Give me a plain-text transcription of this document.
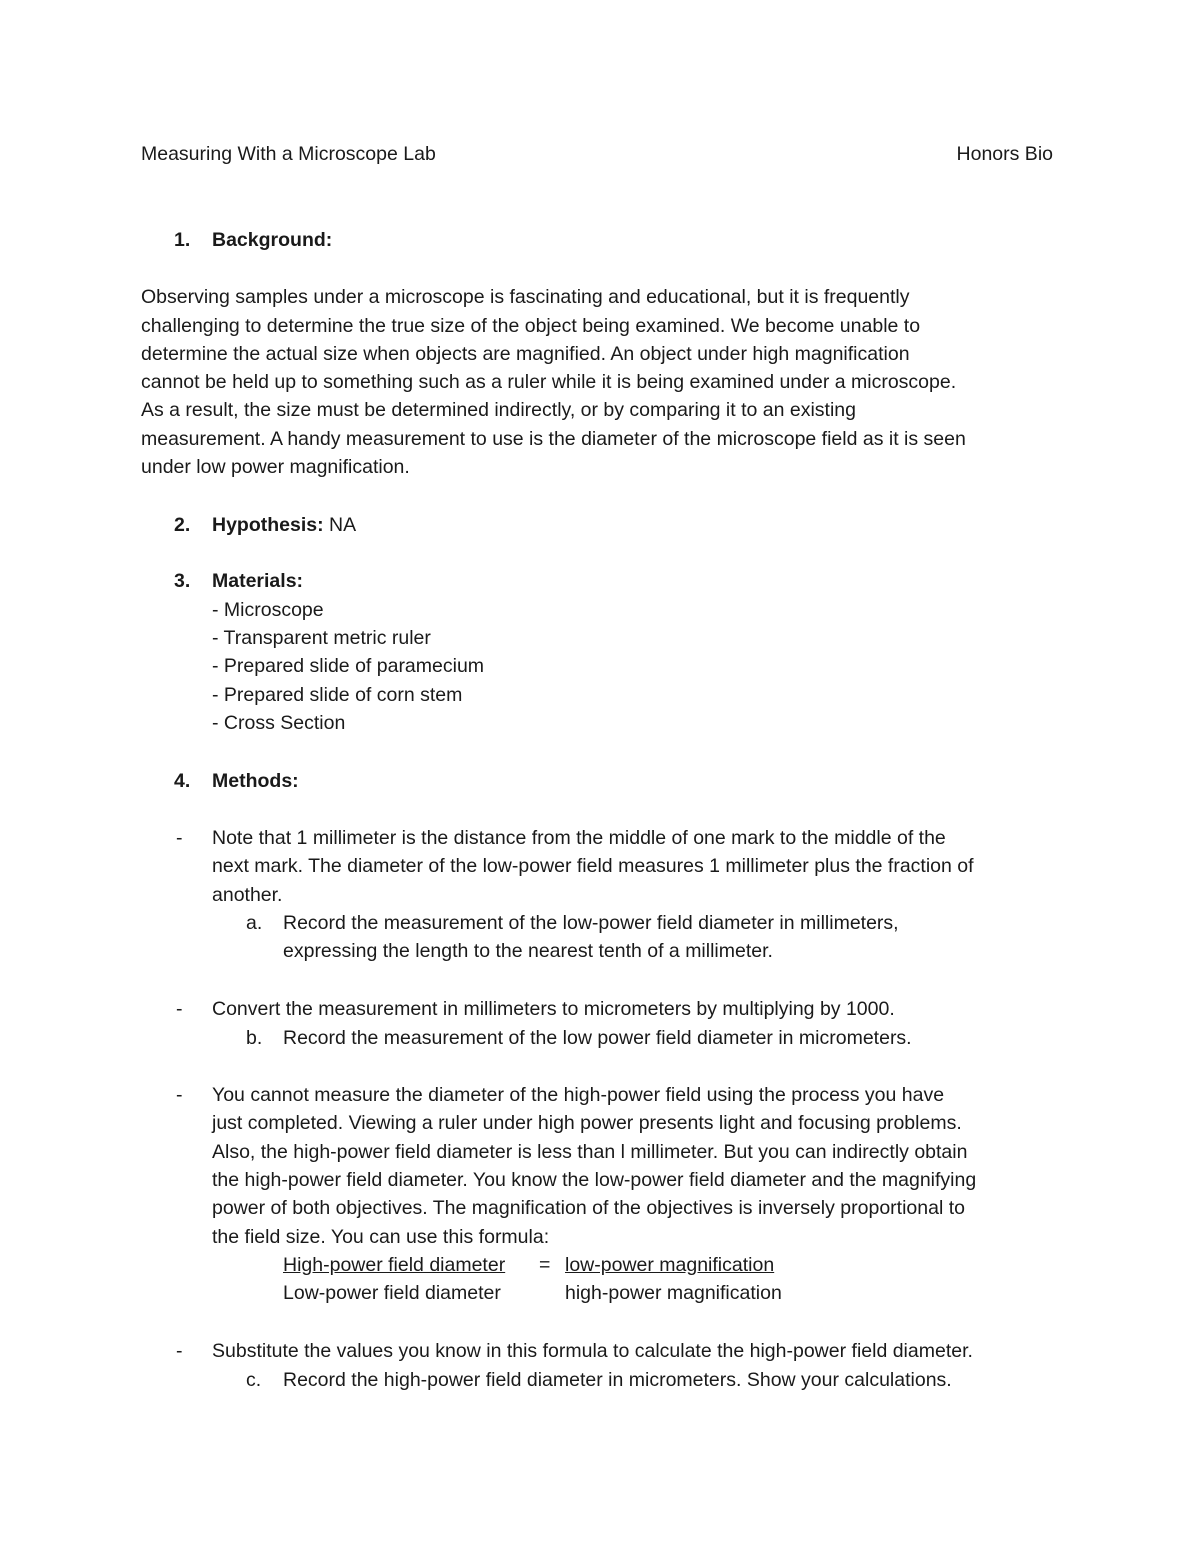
Measuring With a Microscope Lab	Honors Bio
1. Background:
Observing samples under a microscope is fascinating and educational, but it is frequently
challenging to determine the true size of the object being examined. We become unable to
determine the actual size when objects are magnified. An object under high magnification
cannot be held up to something such as a ruler while it is being examined under a microscope.
As a result, the size must be determined indirectly, or by comparing it to an existing
measurement. A handy measurement to use is the diameter of the microscope field as it is seen
under low power magnification.
2. Hypothesis: NA
3. Materials:
- Microscope
- Transparent metric ruler
- Prepared slide of paramecium
- Prepared slide of corn stem
- Cross Section
4. Methods:
- Note that 1 millimeter is the distance from the middle of one mark to the middle of the
next mark. The diameter of the low-power field measures 1 millimeter plus the fraction of
another.
a. Record the measurement of the low-power field diameter in millimeters,
expressing the length to the nearest tenth of a millimeter.
- Convert the measurement in millimeters to micrometers by multiplying by 1000.
b. Record the measurement of the low power field diameter in micrometers.
- You cannot measure the diameter of the high-power field using the process you have
just completed. Viewing a ruler under high power presents light and focusing problems.
Also, the high-power field diameter is less than l millimeter. But you can indirectly obtain
the high-power field diameter. You know the low-power field diameter and the magnifying
power of both objectives. The magnification of the objectives is inversely proportional to
the field size. You can use this formula:
High-power field diameter = low-power magnification
Low-power field diameter	high-power magnification
- Substitute the values you know in this formula to calculate the high-power field diameter.
c. Record the high-power field diameter in micrometers. Show your calculations.
